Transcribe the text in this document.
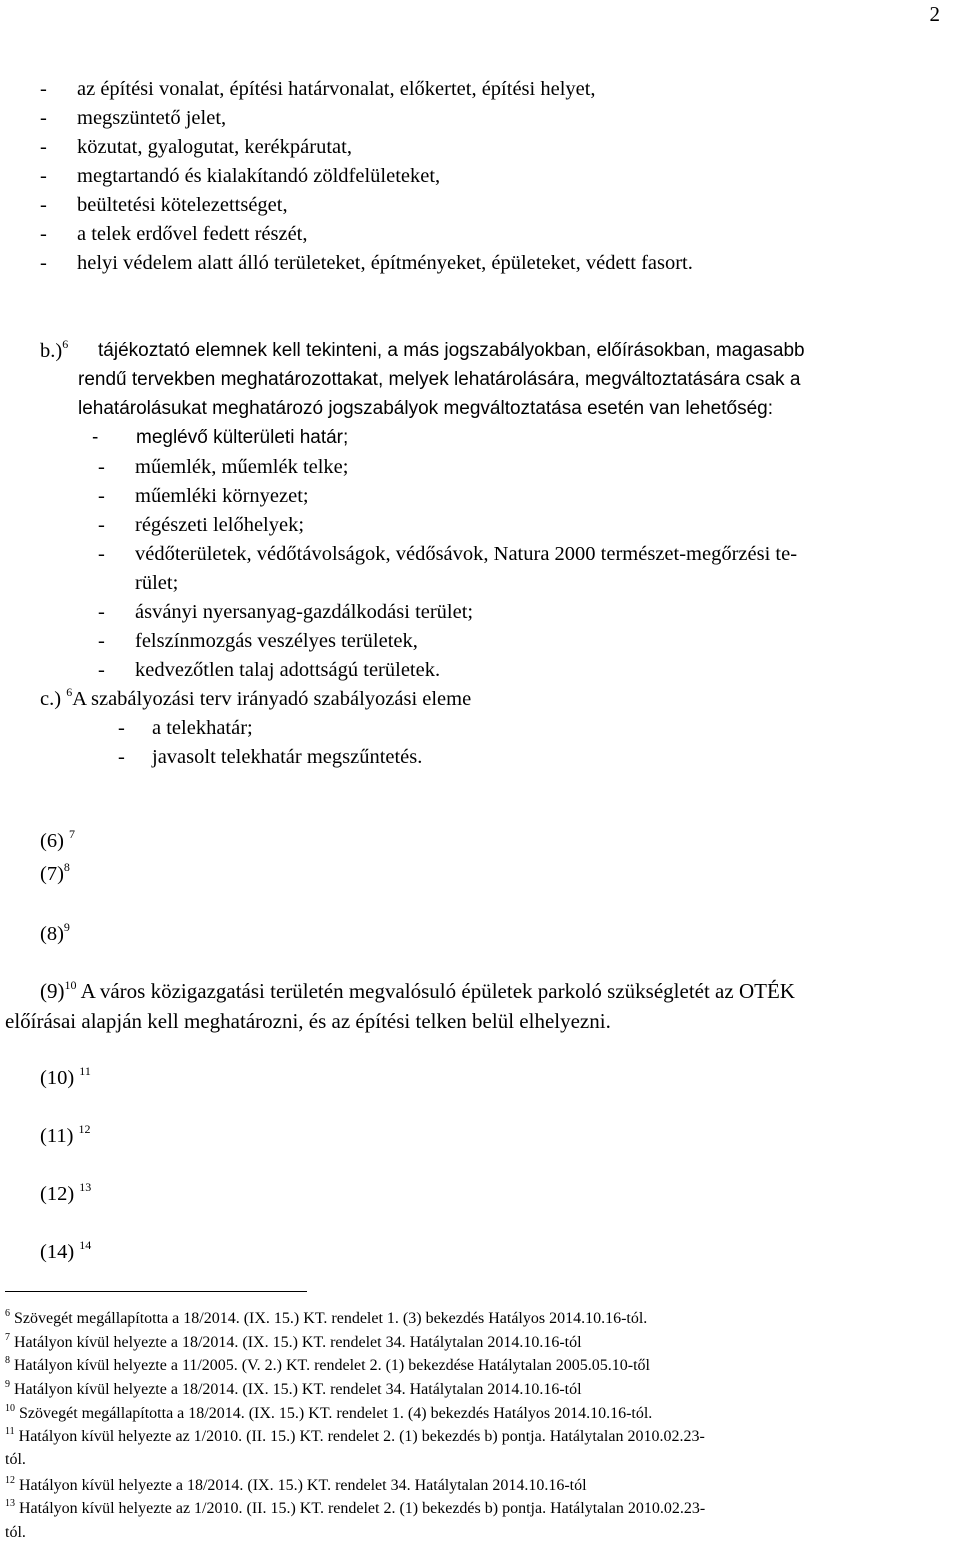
2
- az építési vonalat, építési határvonalat, előkertet, építési helyet,
- megszüntető jelet,
- közutat, gyalogutat, kerékpárutat,
- megtartandó és kialakítandó zöldfelületeket,
- beültetési kötelezettséget,
- a telek erdővel fedett részét,
- helyi védelem alatt álló területeket, építményeket, épületeket, védett fasort.
b.)$^6$ tájékoztató elemnek kell tekinteni, a más jogszabályokban, előírásokban, magasabb
rendű tervekben meghatározottakat, melyek lehatárolására, megváltoztatására csak a
lehatárolásukat meghatározó jogszabályok megváltoztatása esetén van lehetőség:
- meglévő külterületi határ;
- műemlék, műemlék telke;
- műemléki környezet;
- régészeti lelőhelyek;
- védőterületek, védőtávolságok, védősávok, Natura 2000 természet-megőrzési te-
rület;
- ásványi nyersanyag-gazdálkodási terület;
- felszínmozgás veszélyes területek,
- kedvezőtlen talaj adottságú területek.
c.) $^6$A szabályozási terv irányadó szabályozási eleme
- a telekhatár;
- javasolt telekhatár megszűntetés.
(6) $^7$
$(7)^8$
$(8)^9$
$(9)^{10}$ A város közigazgatási területén megvalósuló épületek parkoló szükségletét az OTÉK
előírásai alapján kell meghatározni, és az építési telken belül elhelyezni.
(10) $^{11}$
(11) $^{12}$
(12) $^{13}$
(14) $^{14}$
$^6$ Szövegét megállapította a 18/2014. (IX. 15.) KT. rendelet 1. (3) bekezdés Hatályos 2014.10.16-tól.
$^7$ Hatályon kívül helyezte a 18/2014. (IX. 15.) KT. rendelet 34. Hatálytalan 2014.10.16-tól
$^8$ Hatályon kívül helyezte a 11/2005. (V. 2.) KT. rendelet 2. (1) bekezdése Hatálytalan 2005.05.10-től
$^9$ Hatályon kívül helyezte a 18/2014. (IX. 15.) KT. rendelet 34. Hatálytalan 2014.10.16-tól
$^{10}$ Szövegét megállapította a 18/2014. (IX. 15.) KT. rendelet 1. (4) bekezdés Hatályos 2014.10.16-tól.
$^{11}$ Hatályon kívül helyezte az 1/2010. (II. 15.) KT. rendelet 2. (1) bekezdés b) pontja. Hatálytalan 2010.02.23-
tól.
$^{12}$ Hatályon kívül helyezte a 18/2014. (IX. 15.) KT. rendelet 34. Hatálytalan 2014.10.16-tól
$^{13}$ Hatályon kívül helyezte az 1/2010. (II. 15.) KT. rendelet 2. (1) bekezdés b) pontja. Hatálytalan 2010.02.23-
tól.
